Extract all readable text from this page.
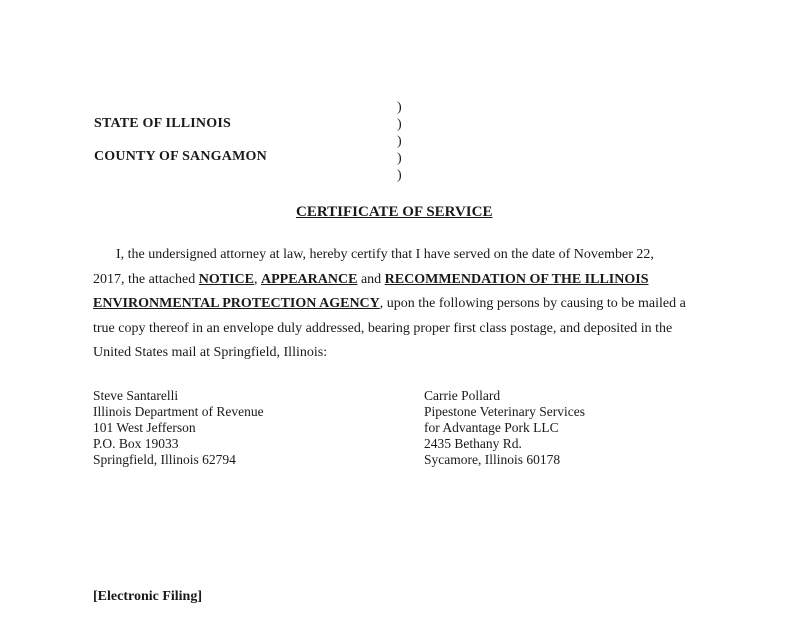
STATE OF ILLINOIS
COUNTY OF SANGAMON
)
)
)
)
)
CERTIFICATE OF SERVICE
I, the undersigned attorney at law, hereby certify that I have served on the date of November 22,
2017, the attached NOTICE, APPEARANCE and RECOMMENDATION OF THE ILLINOIS
ENVIRONMENTAL PROTECTION AGENCY, upon the following persons by causing to be mailed a
true copy thereof in an envelope duly addressed, bearing proper first class postage, and deposited in the
United States mail at Springfield, Illinois:
Steve Santarelli
Illinois Department of Revenue
101 West Jefferson
P.O. Box 19033
Springfield, Illinois 62794
Carrie Pollard
Pipestone Veterinary Services
for Advantage Pork LLC
2435 Bethany Rd.
Sycamore, Illinois 60178
[Electronic Filing]
